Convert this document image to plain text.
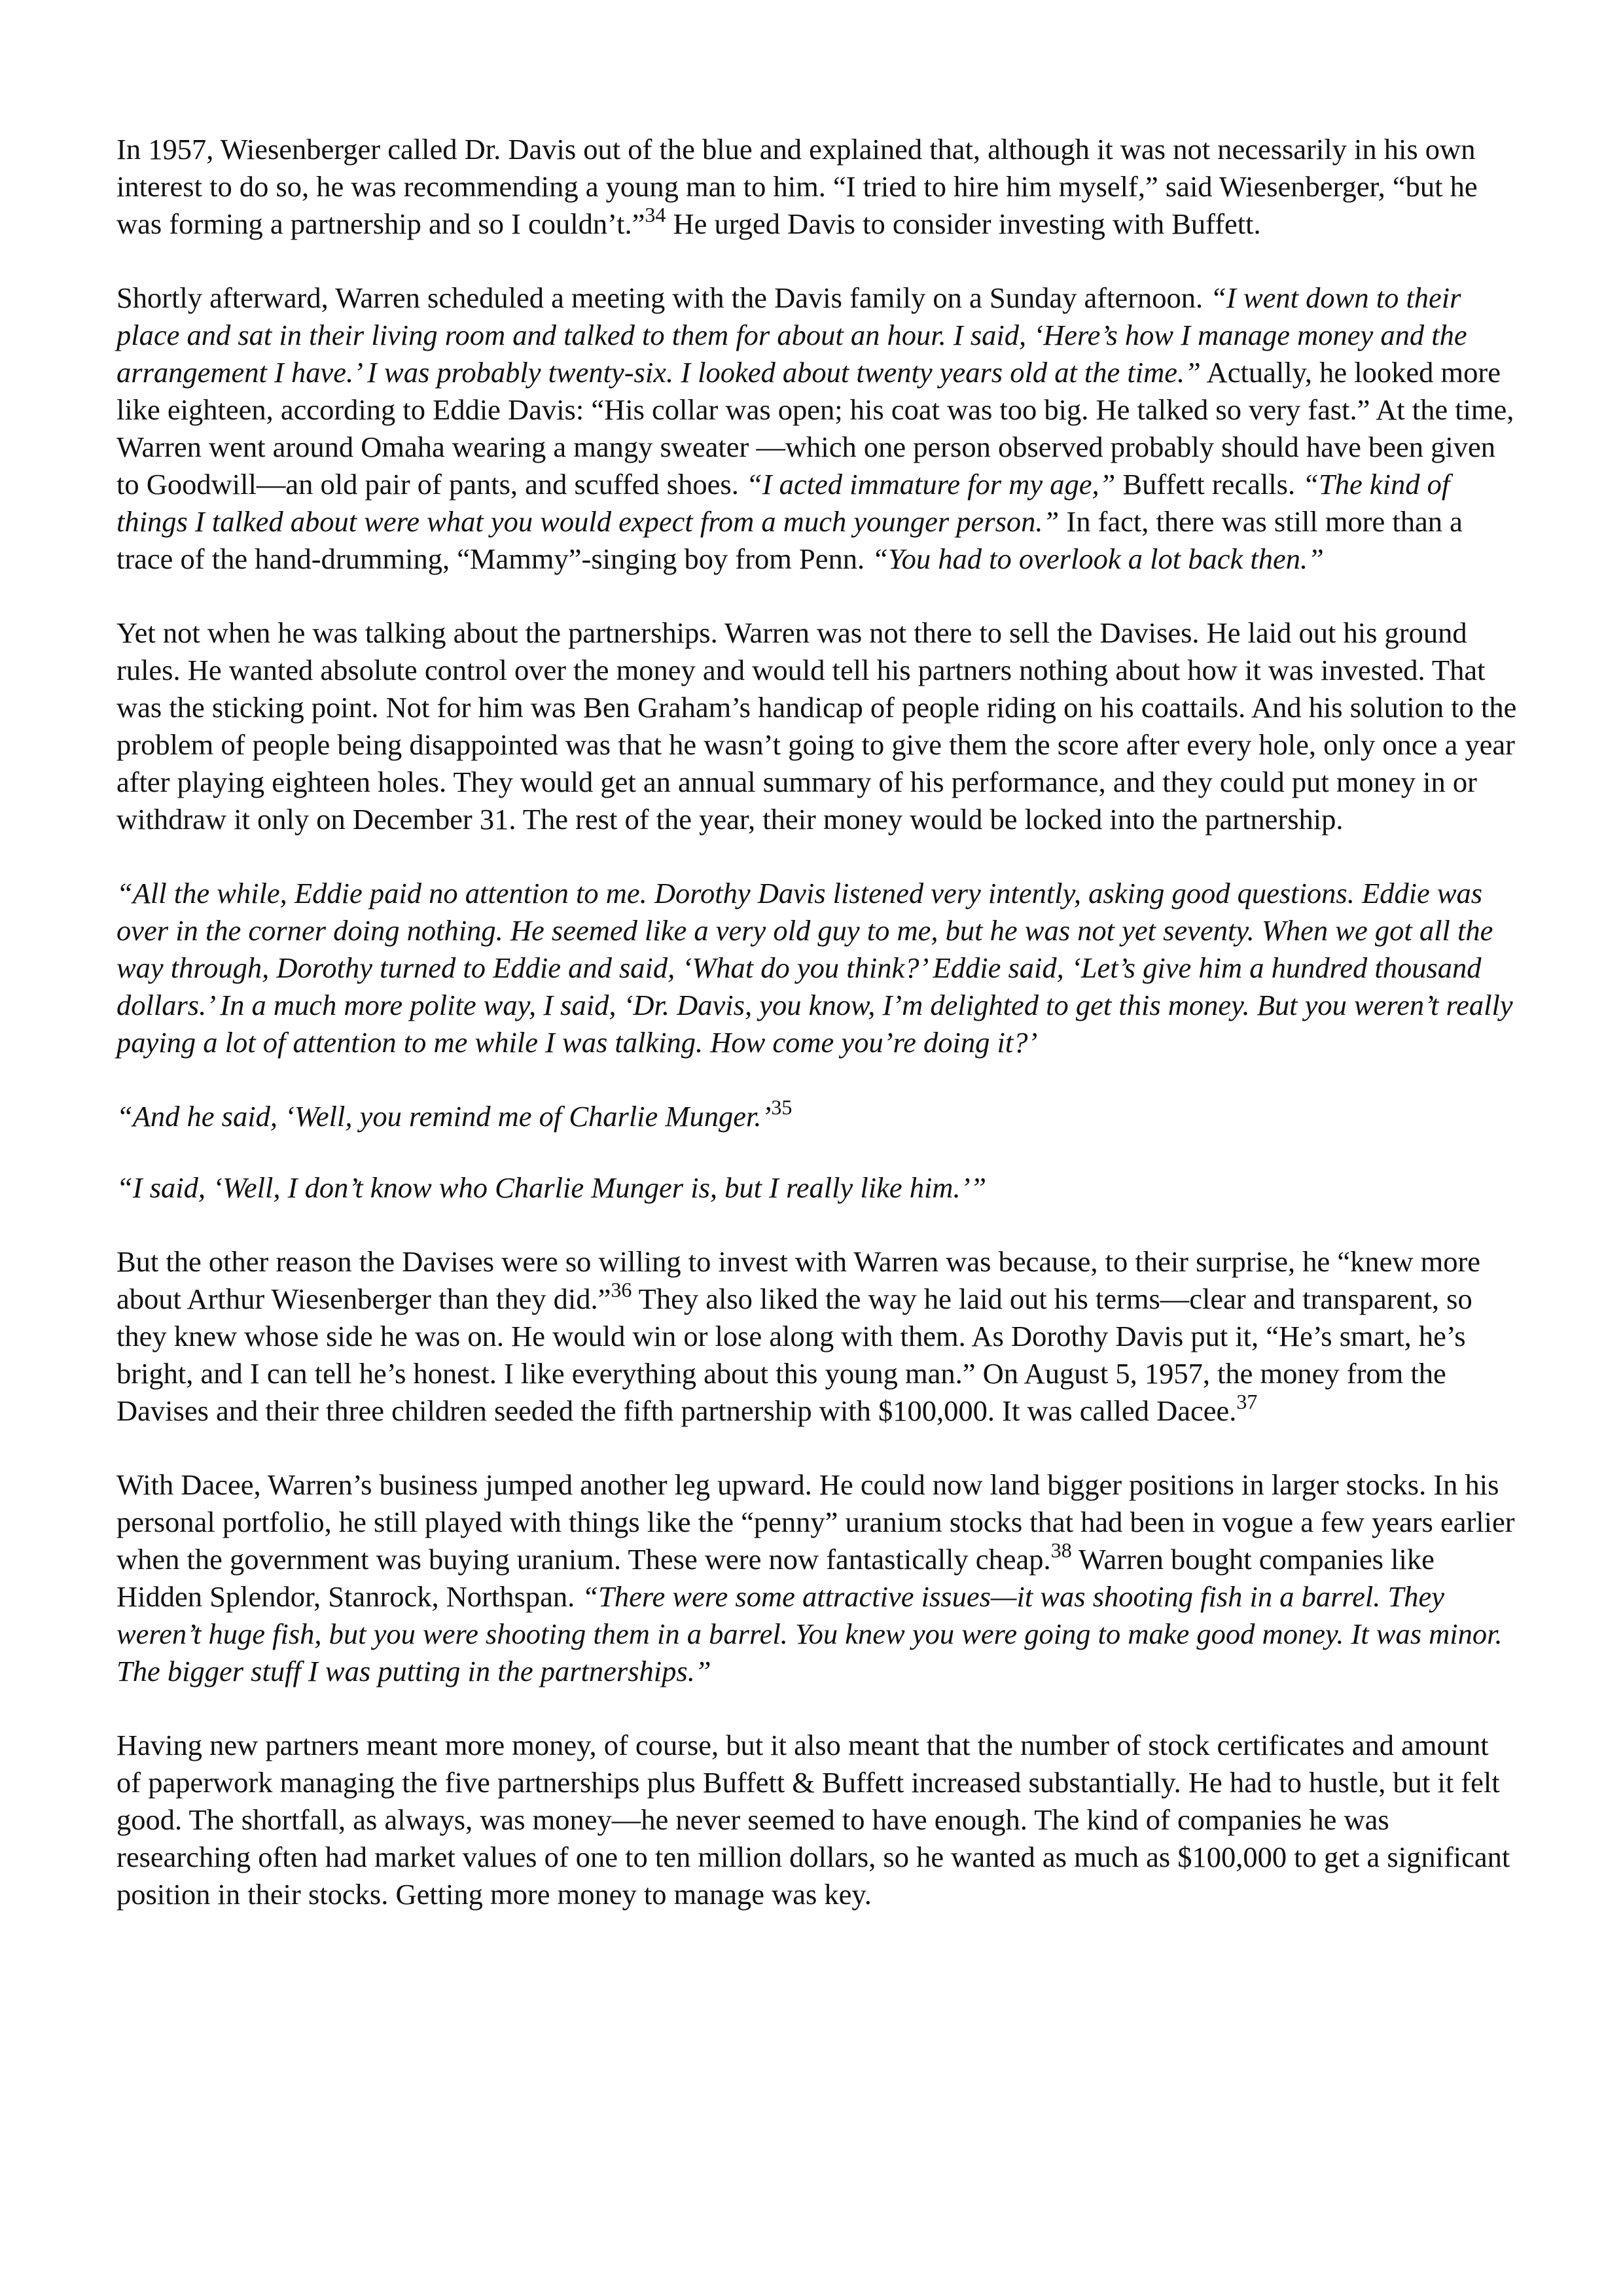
In 1957, Wiesenberger called Dr. Davis out of the blue and explained that, although it was not necessarily in his own interest to do so, he was recommending a young man to him. “I tried to hire him myself,” said Wiesenberger, “but he was forming a partnership and so I couldn’t.”$^{34}$ He urged Davis to consider investing with Buffett.

Shortly afterward, Warren scheduled a meeting with the Davis family on a Sunday afternoon. “I went down to their place and sat in their living room and talked to them for about an hour. I said, ‘Here’s how I manage money and the arrangement I have.’ I was probably twenty-six. I looked about twenty years old at the time.” Actually, he looked more like eighteen, according to Eddie Davis: “His collar was open; his coat was too big. He talked so very fast.” At the time, Warren went around Omaha wearing a mangy sweater —which one person observed probably should have been given to Goodwill—an old pair of pants, and scuffed shoes. “I acted immature for my age,” Buffett recalls. “The kind of things I talked about were what you would expect from a much younger person.” In fact, there was still more than a trace of the hand-drumming, “Mammy”-singing boy from Penn. “You had to overlook a lot back then.”

Yet not when he was talking about the partnerships. Warren was not there to sell the Davises. He laid out his ground rules. He wanted absolute control over the money and would tell his partners nothing about how it was invested. That was the sticking point. Not for him was Ben Graham’s handicap of people riding on his coattails. And his solution to the problem of people being disappointed was that he wasn’t going to give them the score after every hole, only once a year after playing eighteen holes. They would get an annual summary of his performance, and they could put money in or withdraw it only on December 31. The rest of the year, their money would be locked into the partnership.

“All the while, Eddie paid no attention to me. Dorothy Davis listened very intently, asking good questions. Eddie was over in the corner doing nothing. He seemed like a very old guy to me, but he was not yet seventy. When we got all the way through, Dorothy turned to Eddie and said, ‘What do you think?’ Eddie said, ‘Let’s give him a hundred thousand dollars.’ In a much more polite way, I said, ‘Dr. Davis, you know, I’m delighted to get this money. But you weren’t really paying a lot of attention to me while I was talking. How come you’re doing it?’

“And he said, ‘Well, you remind me of Charlie Munger.’$^{35}$

“I said, ‘Well, I don’t know who Charlie Munger is, but I really like him.’”

But the other reason the Davises were so willing to invest with Warren was because, to their surprise, he “knew more about Arthur Wiesenberger than they did.”$^{36}$ They also liked the way he laid out his terms—clear and transparent, so they knew whose side he was on. He would win or lose along with them. As Dorothy Davis put it, “He’s smart, he’s bright, and I can tell he’s honest. I like everything about this young man.” On August 5, 1957, the money from the Davises and their three children seeded the fifth partnership with $100,000. It was called Dacee.$^{37}$

With Dacee, Warren’s business jumped another leg upward. He could now land bigger positions in larger stocks. In his personal portfolio, he still played with things like the “penny” uranium stocks that had been in vogue a few years earlier when the government was buying uranium. These were now fantastically cheap.$^{38}$ Warren bought companies like Hidden Splendor, Stanrock, Northspan. “There were some attractive issues—it was shooting fish in a barrel. They weren’t huge fish, but you were shooting them in a barrel. You knew you were going to make good money. It was minor. The bigger stuff I was putting in the partnerships.”

Having new partners meant more money, of course, but it also meant that the number of stock certificates and amount of paperwork managing the five partnerships plus Buffett & Buffett increased substantially. He had to hustle, but it felt good. The shortfall, as always, was money—he never seemed to have enough. The kind of companies he was researching often had market values of one to ten million dollars, so he wanted as much as $100,000 to get a significant position in their stocks. Getting more money to manage was key.
